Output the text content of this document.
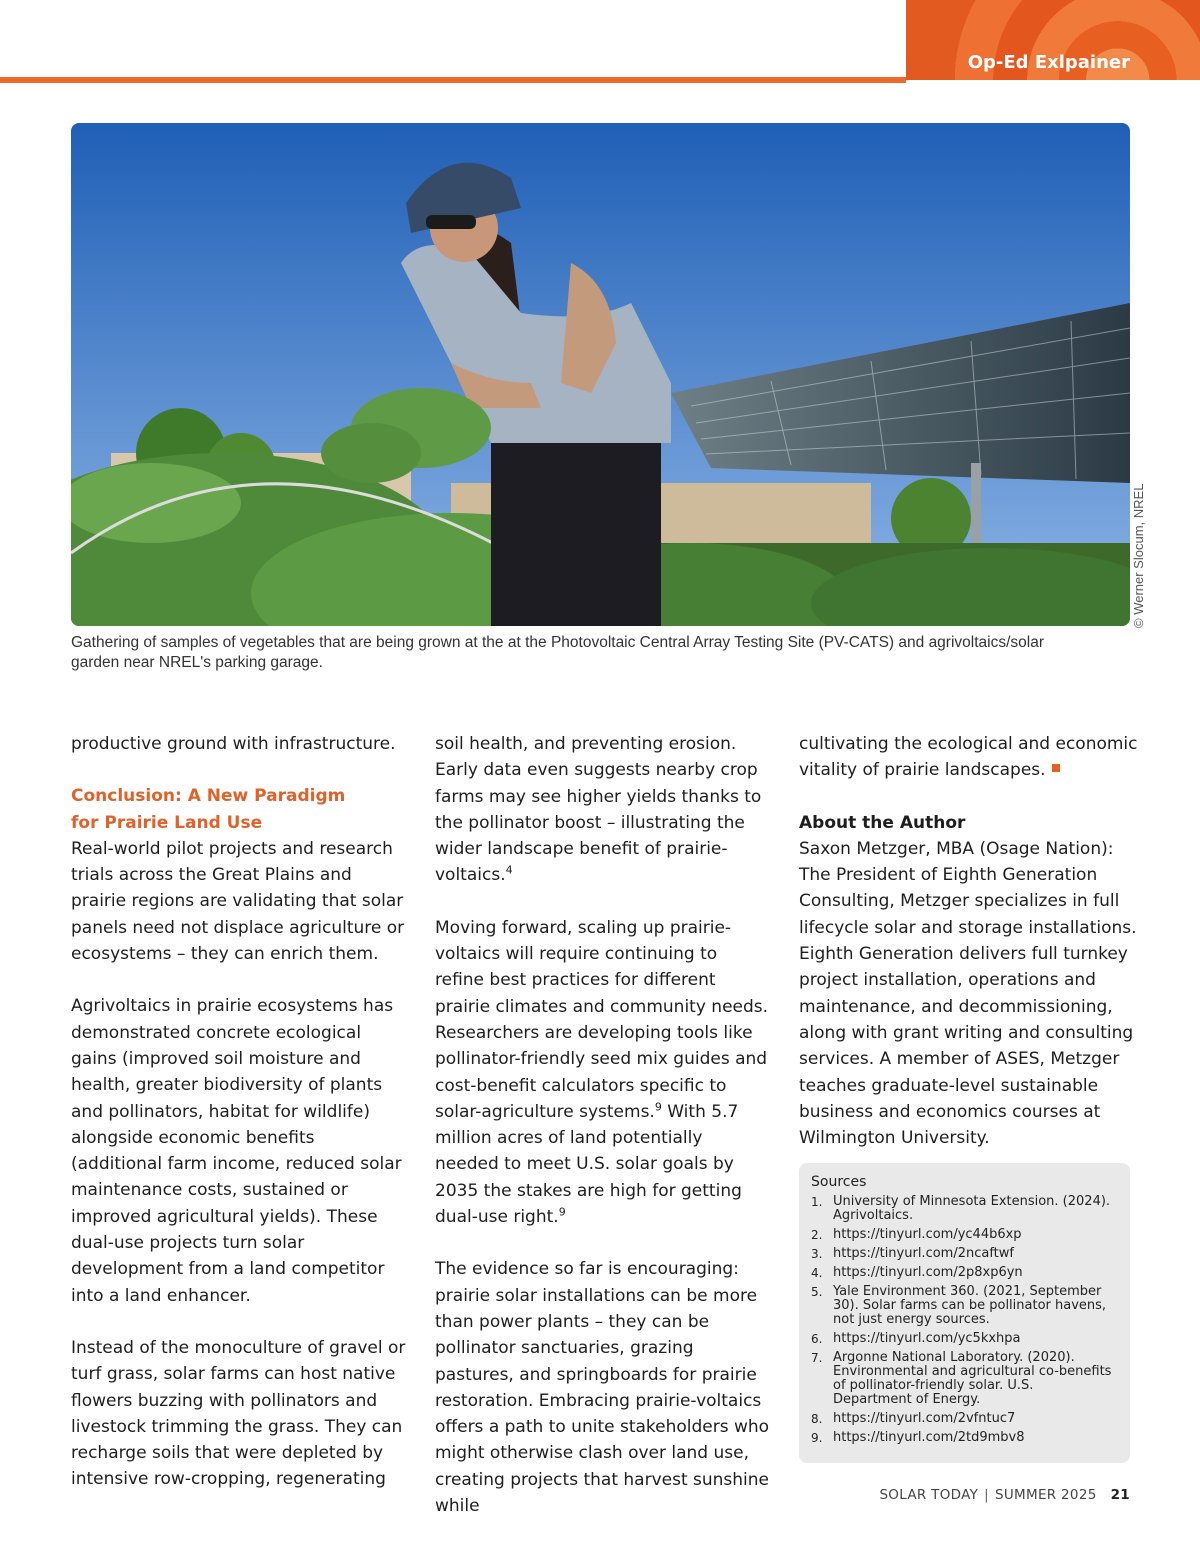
Op-Ed Exlpainer
© Werner Slocum, NREL
Gathering of samples of vegetables that are being grown at the at the Photovoltaic Central Array Testing Site (PV-CATS) and agrivoltaics/solar garden near NREL's parking garage.

productive ground with infrastructure.

Conclusion: A New Paradigm
for Prairie Land Use

Real-world pilot projects and research trials across the Great Plains and prairie regions are validating that solar panels need not displace agriculture or ecosystems – they can enrich them.

Agrivoltaics in prairie ecosystems has demonstrated concrete ecological gains (improved soil moisture and health, greater biodiversity of plants and pollinators, habitat for wildlife) alongside economic benefits (additional farm income, reduced solar maintenance costs, sustained or improved agricultural yields). These dual-use projects turn solar development from a land competitor into a land enhancer.

Instead of the monoculture of gravel or turf grass, solar farms can host native flowers buzzing with pollinators and livestock trimming the grass. They can recharge soils that were depleted by intensive row-cropping, regenerating

soil health, and preventing erosion. Early data even suggests nearby crop farms may see higher yields thanks to the pollinator boost – illustrating the wider landscape benefit of prairie-voltaics.$^4$

Moving forward, scaling up prairie-voltaics will require continuing to refine best practices for different prairie climates and community needs. Researchers are developing tools like pollinator-friendly seed mix guides and cost-benefit calculators specific to solar-agriculture systems.$^9$ With 5.7 million acres of land potentially needed to meet U.S. solar goals by 2035 the stakes are high for getting dual-use right.$^9$

The evidence so far is encouraging: prairie solar installations can be more than power plants – they can be pollinator sanctuaries, grazing pastures, and springboards for prairie restoration. Embracing prairie-voltaics offers a path to unite stakeholders who might otherwise clash over land use, creating projects that harvest sunshine while

cultivating the ecological and economic vitality of prairie landscapes.

About the Author

Saxon Metzger, MBA (Osage Nation): The President of Eighth Generation Consulting, Metzger specializes in full lifecycle solar and storage installations. Eighth Generation delivers full turnkey project installation, operations and maintenance, and decommissioning, along with grant writing and consulting services. A member of ASES, Metzger teaches graduate-level sustainable business and economics courses at Wilmington University.

Sources
1. University of Minnesota Extension. (2024). Agrivoltaics.
2. https://tinyurl.com/yc44b6xp
3. https://tinyurl.com/2ncaftwf
4. https://tinyurl.com/2p8xp6yn
5. Yale Environment 360. (2021, September 30). Solar farms can be pollinator havens, not just energy sources.
6. https://tinyurl.com/yc5kxhpa
7. Argonne National Laboratory. (2020). Environmental and agricultural co-benefits of pollinator-friendly solar. U.S. Department of Energy.
8. https://tinyurl.com/2vfntuc7
9. https://tinyurl.com/2td9mbv8
SOLAR TODAY | SUMMER 2025 21
